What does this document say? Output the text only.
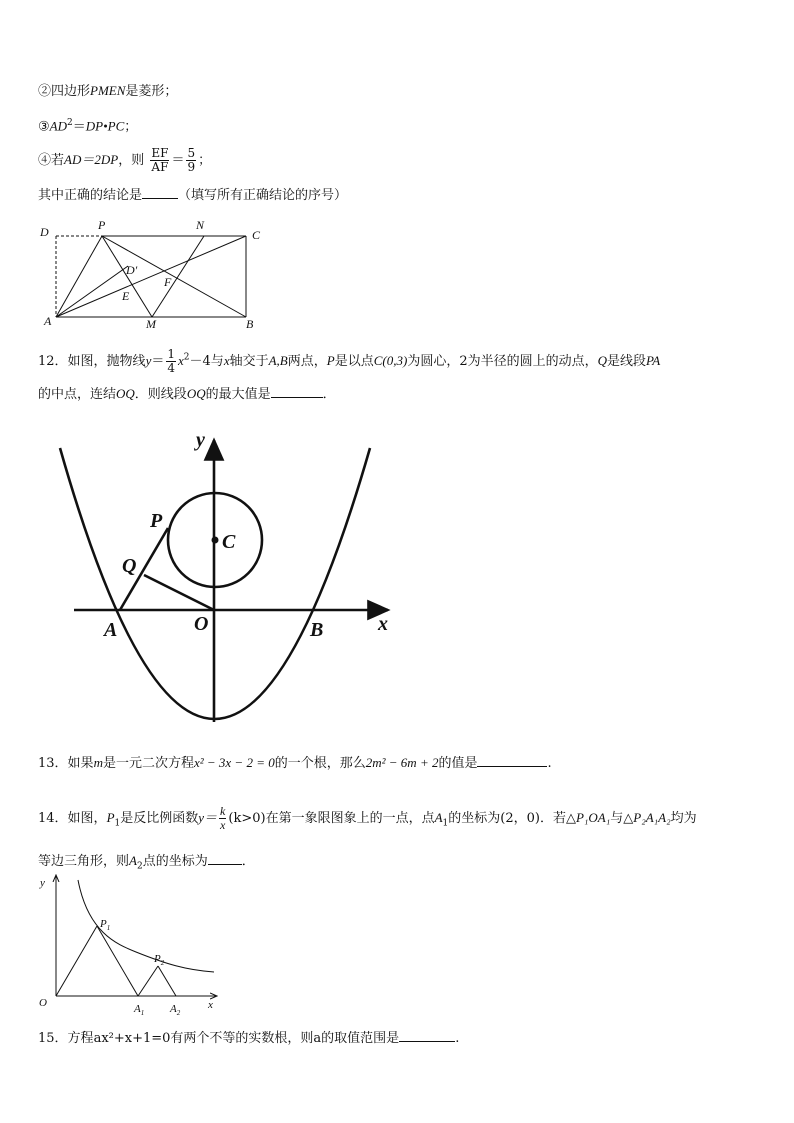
②四边形PMEN是菱形；
$③AD^2=DP•PC$；
④若AD＝2DP，则 $\frac{EF}{AF} = \frac{5}{9}$ ；
其中正确的结论是	（填写所有正确结论的序号）
D	P	N
C
D′
F
E
A	M	B
12．如图，抛物线$y= \frac{1}{4} x^2-4$与x轴交于A,B两点，P是以点C(0,3)为圆心，2为半径的圆上的动点，Q是线段PA
的中点，连结OQ．则线段OQ的最大值是	．
y
x
P
C
Q
A	O	B
13．如果m是一元二次方程x² − 3x − 2 = 0的一个根，那么2m² − 6m + 2的值是	.
14．如图，$P_1$是反比例函数$y= \frac{k}{x} (k>0)$在第一象限图象上的一点，点$A_1$的坐标为(2，0)．若△P₁OA₁与△P₂A₁A₂均为
等边三角形，则$A_2$点的坐标为	．
y
$P_1$
$P_2$
O	$A_1$ $A_2$
x
15．方程ax²+x+1=0有两个不等的实数根，则a的取值范围是	.
